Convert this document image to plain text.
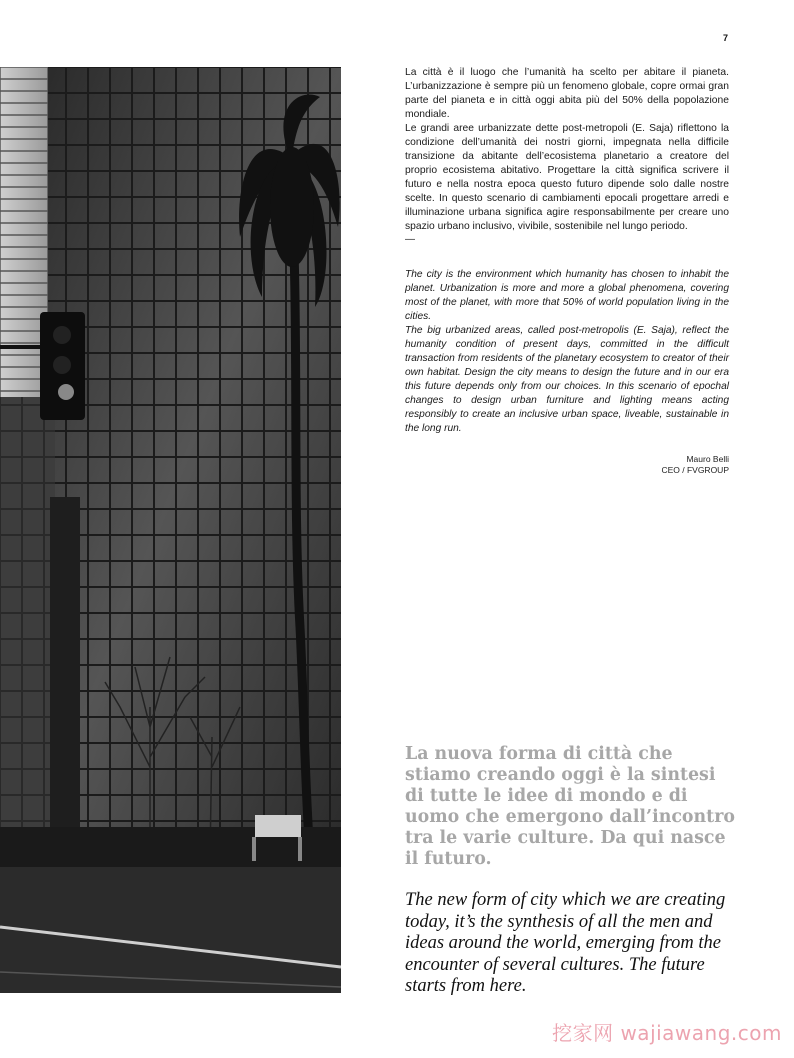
7

La città è il luogo che l’umanità ha scelto per abitare il pianeta. L’urbanizzazione è sempre più un fenomeno globale, copre ormai gran parte del pianeta e in città oggi abita più del 50% della popolazione mondiale.

Le grandi aree urbanizzate dette post-metropoli (E. Saja) riflettono la condizione dell’umanità dei nostri giorni, impegnata nella difficile transizione da abitante dell’ecosistema planetario a creatore del proprio ecosistema abitativo. Progettare la città significa scrivere il futuro e nella nostra epoca questo futuro dipende solo dalle nostre scelte. In questo scenario di cambiamenti epocali progettare arredi e illuminazione urbana significa agire responsabilmente per creare uno spazio urbano inclusivo, vivibile, sostenibile nel lungo periodo.

—

The city is the environment which humanity has chosen to inhabit the planet. Urbanization is more and more a global phenomena, covering most of the planet, with more that 50% of world population living in the cities.

The big urbanized areas, called post-metropolis (E. Saja), reflect the humanity condition of present days, committed in the difficult transaction from residents of the planetary ecosystem to creator of their own habitat. Design the city means to design the future and in our era this future depends only from our choices. In this scenario of epochal changes to design urban furniture and lighting means acting responsibly to create an inclusive urban space, liveable, sustainable in the long run.

Mauro Belli
CEO / FVGROUP

La nuova forma di città che stiamo creando oggi è la sintesi di tutte le idee di mondo e di uomo che emergono dall’incontro tra le varie culture. Da qui nasce il futuro.

The new form of city which we are creating today, it’s the synthesis of all the men and ideas around the world, emerging from the encounter of several cultures. The future starts from here.

挖家网 wajiawang.com
